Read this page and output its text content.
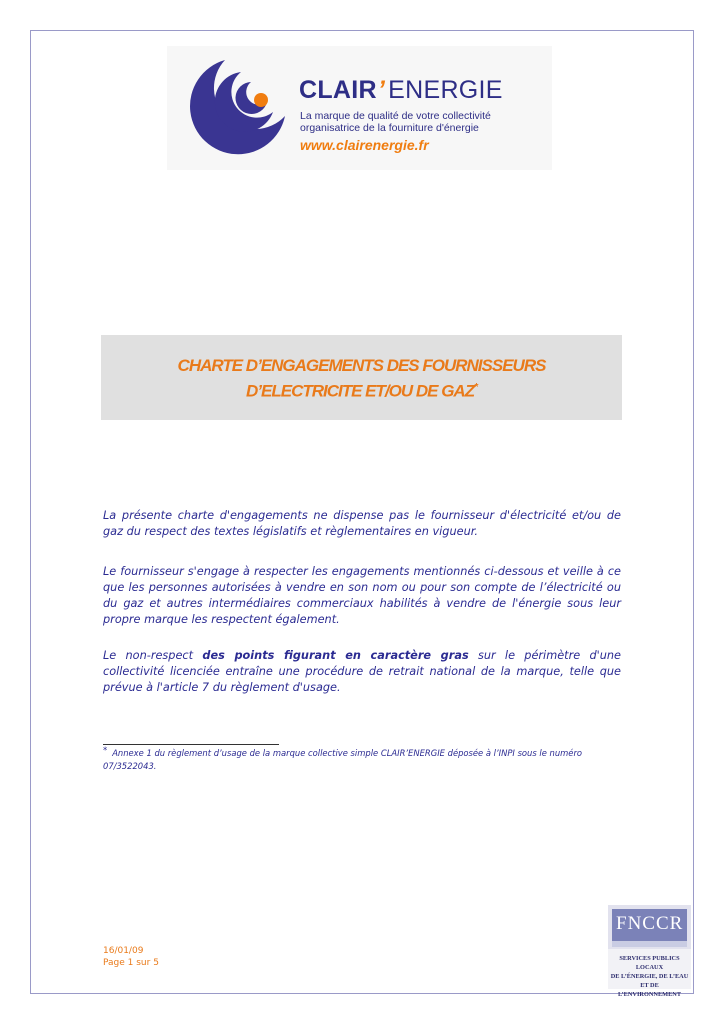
CLAIR’ ENERGIE
La marque de qualité de votre collectivité
organisatrice de la fourniture d'énergie
www.clairenergie.fr
CHARTE D’ENGAGEMENTS DES FOURNISSEURS
D’ELECTRICITE ET/OU DE GAZ*
La présente charte d'engagements ne dispense pas le fournisseur d'électricité et/ou de gaz du respect des textes législatifs et règlementaires en vigueur.
Le fournisseur s'engage à respecter les engagements mentionnés ci-dessous et veille à ce que les personnes autorisées à vendre en son nom ou pour son compte de l’électricité ou du gaz et autres intermédiaires commerciaux habilités à vendre de l'énergie sous leur propre marque les respectent également.
Le non-respect des points figurant en caractère gras sur le périmètre d'une collectivité licenciée entraîne une procédure de retrait national de la marque, telle que prévue à l'article 7 du règlement d'usage.
* Annexe 1 du règlement d’usage de la marque collective simple CLAIR’ENERGIE déposée à l’INPI sous le numéro 07/3522043.
16/01/09
Page 1 sur 5
FNCCR
SERVICES PUBLICS LOCAUX
DE L’ÉNERGIE, DE L’EAU
ET DE L’ENVIRONNEMENT
